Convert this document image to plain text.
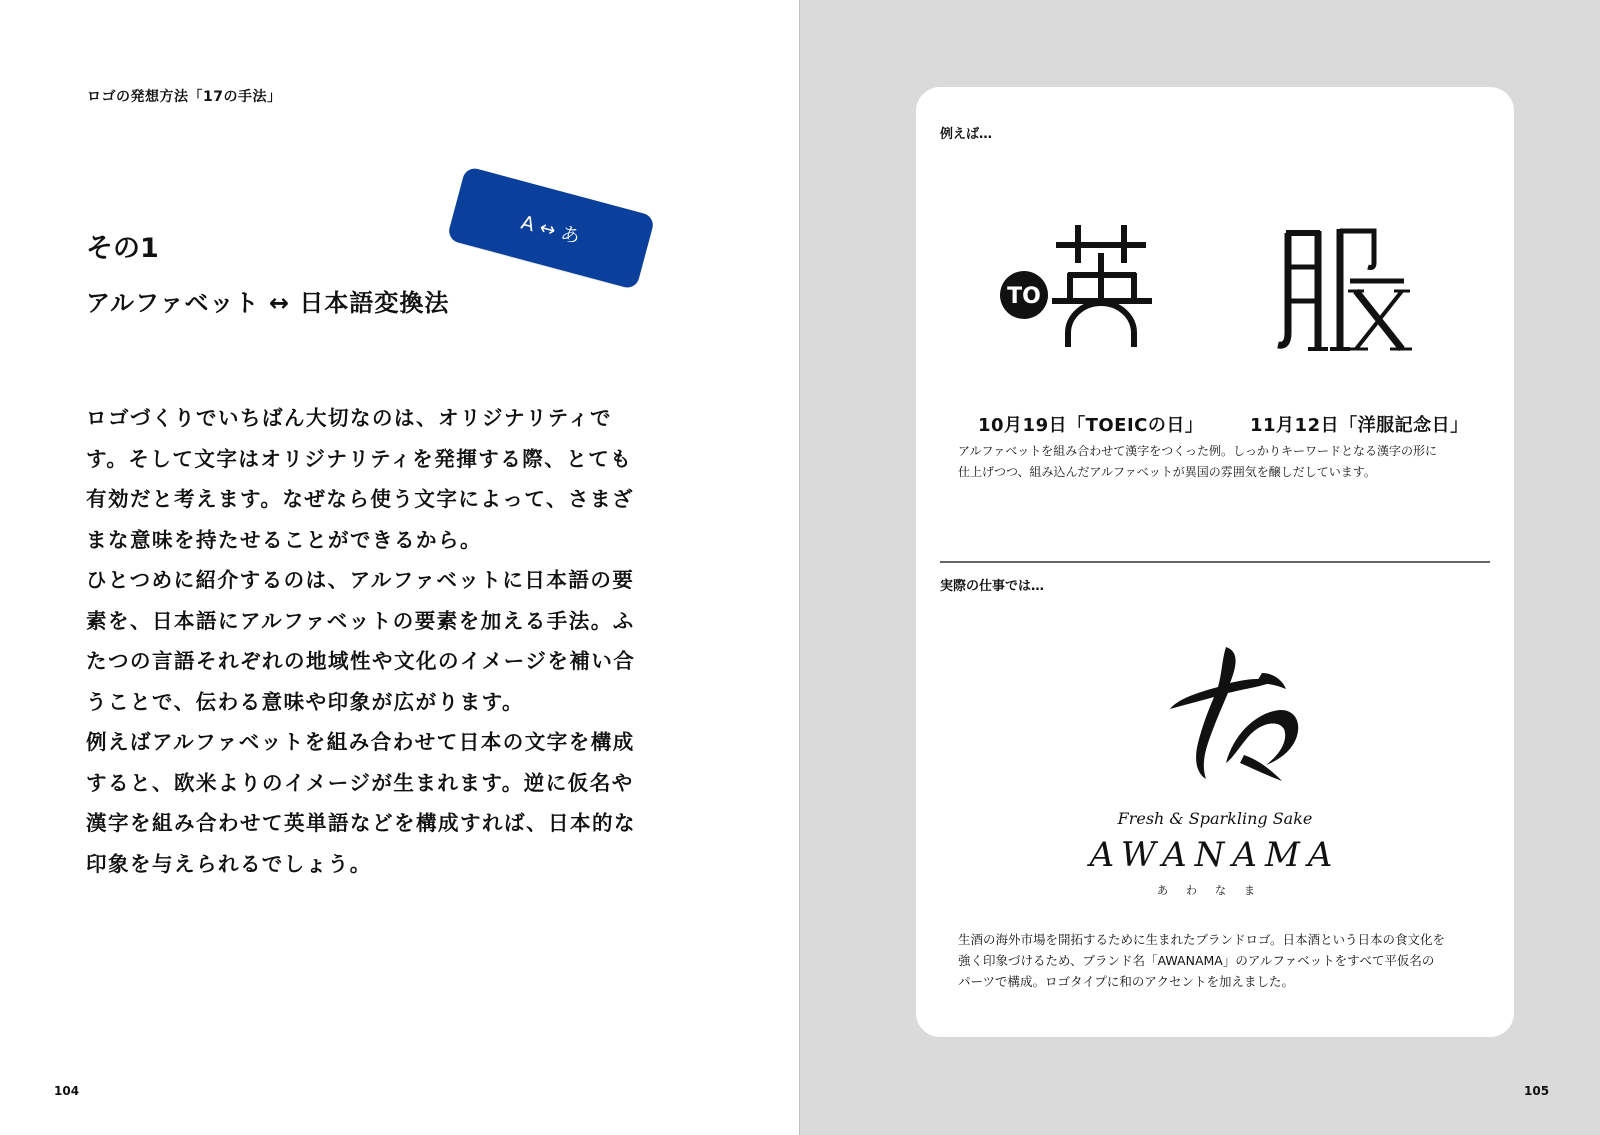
ロゴの発想方法「17の手法」
A ↔ あ
その1
アルファベット ↔ 日本語変換法

ロゴづくりでいちばん大切なのは、オリジナリティで

す。そして文字はオリジナリティを発揮する際、とても

有効だと考えます。なぜなら使う文字によって、さまざ

まな意味を持たせることができるから。

ひとつめに紹介するのは、アルファベットに日本語の要

素を、日本語にアルファベットの要素を加える手法。ふ

たつの言語それぞれの地域性や文化のイメージを補い合

うことで、伝わる意味や印象が広がります。

例えばアルファベットを組み合わせて日本の文字を構成

すると、欧米よりのイメージが生まれます。逆に仮名や

漢字を組み合わせて英単語などを構成すれば、日本的な

印象を与えられるでしょう。

104	105
例えば…
TO
10月19日「TOEICの日」	11月12日「洋服記念日」
アルファベットを組み合わせて漢字をつくった例。しっかりキーワードとなる漢字の形に
仕上げつつ、組み込んだアルファベットが異国の雰囲気を醸しだしています。
実際の仕事では…
Fresh & Sparkling Sake
AWANAMA
あわなま
生酒の海外市場を開拓するために生まれたブランドロゴ。日本酒という日本の食文化を
強く印象づけるため、ブランド名「AWANAMA」のアルファベットをすべて平仮名の
パーツで構成。ロゴタイプに和のアクセントを加えました。
